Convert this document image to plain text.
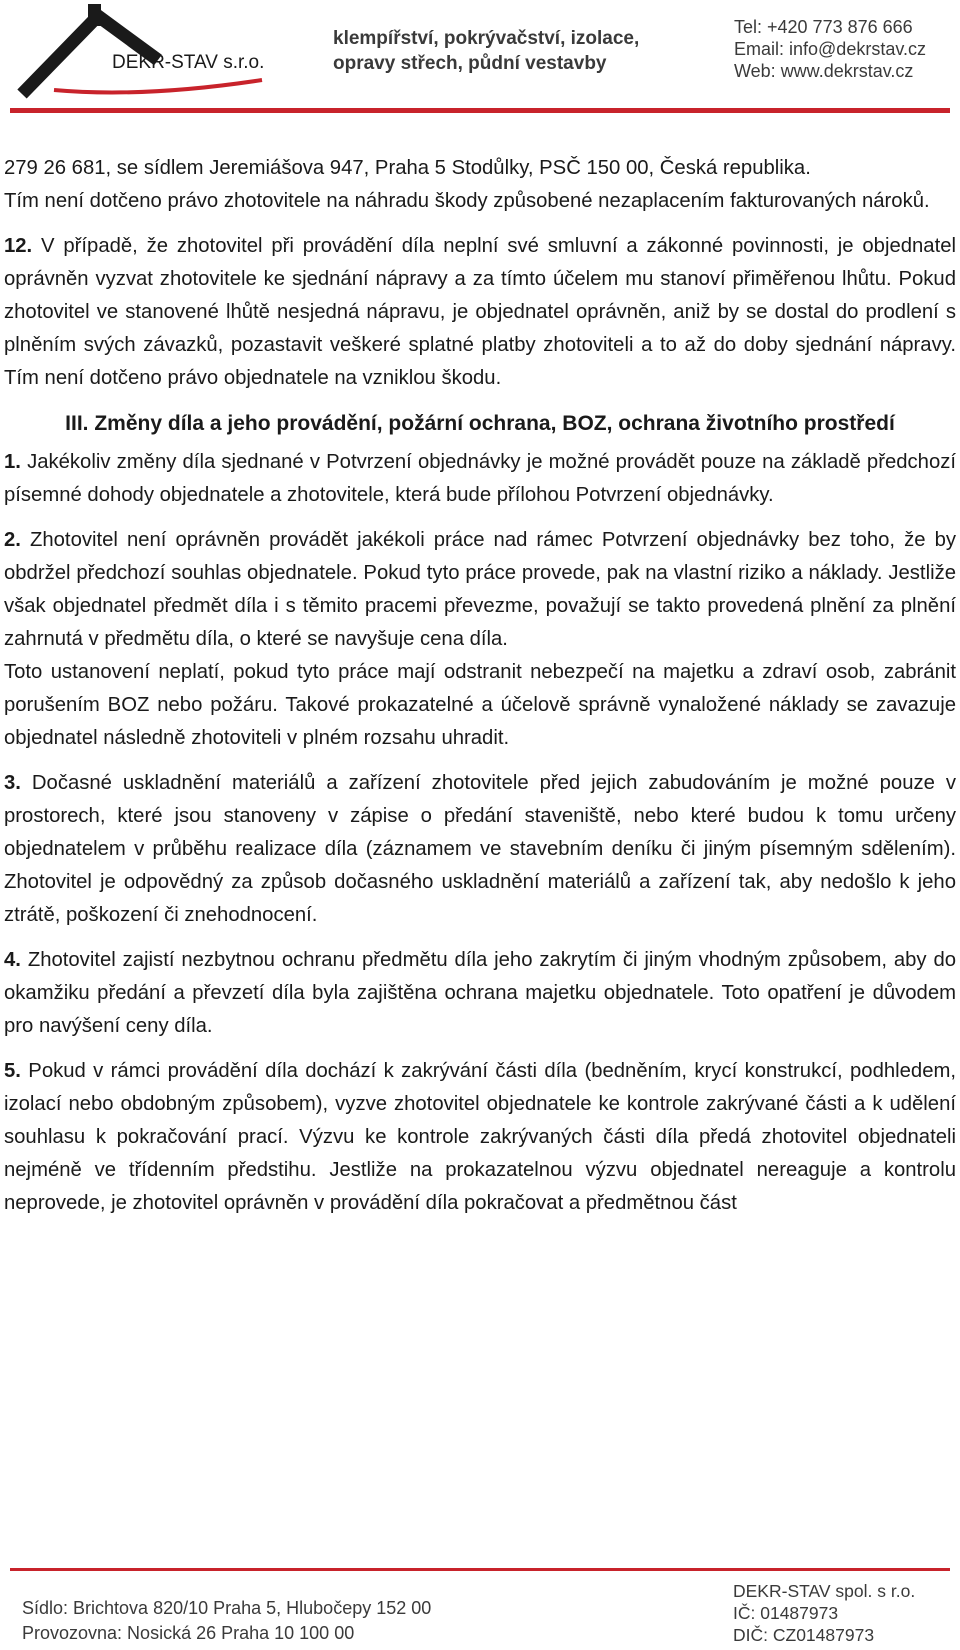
DEKR-STAV s.r.o.
klempířství, pokrývačství, izolace,
opravy střech, půdní vestavby
Tel: +420 773 876 666
Email: info@dekrstav.cz
Web: www.dekrstav.cz

279 26 681, se sídlem Jeremiášova 947, Praha 5 Stodůlky, PSČ 150 00, Česká republika.

Tím není dotčeno právo zhotovitele na náhradu škody způsobené nezaplacením fakturovaných nároků.

12. V případě, že zhotovitel při provádění díla neplní své smluvní a zákonné povinnosti, je objednatel oprávněn vyzvat zhotovitele ke sjednání nápravy a za tímto účelem mu stanoví přiměřenou lhůtu. Pokud zhotovitel ve stanovené lhůtě nesjedná nápravu, je objednatel oprávněn, aniž by se dostal do prodlení s plněním svých závazků, pozastavit veškeré splatné platby zhotoviteli a to až do doby sjednání nápravy. Tím není dotčeno právo objednatele na vzniklou škodu.

III. Změny díla a jeho provádění, požární ochrana, BOZ, ochrana životního prostředí

1. Jakékoliv změny díla sjednané v Potvrzení objednávky je možné provádět pouze na základě předchozí písemné dohody objednatele a zhotovitele, která bude přílohou Potvrzení objednávky.

2. Zhotovitel není oprávněn provádět jakékoli práce nad rámec Potvrzení objednávky bez toho, že by obdržel předchozí souhlas objednatele. Pokud tyto práce provede, pak na vlastní riziko a náklady. Jestliže však objednatel předmět díla i s těmito pracemi převezme, považují se takto provedená plnění za plnění zahrnutá v předmětu díla, o které se navyšuje cena díla.

Toto ustanovení neplatí, pokud tyto práce mají odstranit nebezpečí na majetku a zdraví osob, zabránit porušením BOZ nebo požáru. Takové prokazatelné a účelově správně vynaložené náklady se zavazuje objednatel následně zhotoviteli v plném rozsahu uhradit.

3. Dočasné uskladnění materiálů a zařízení zhotovitele před jejich zabudováním je možné pouze v prostorech, které jsou stanoveny v zápise o předání staveniště, nebo které budou k tomu určeny objednatelem v průběhu realizace díla (záznamem ve stavebním deníku či jiným písemným sdělením). Zhotovitel je odpovědný za způsob dočasného uskladnění materiálů a zařízení tak, aby nedošlo k jeho ztrátě, poškození či znehodnocení.

4. Zhotovitel zajistí nezbytnou ochranu předmětu díla jeho zakrytím či jiným vhodným způsobem, aby do okamžiku předání a převzetí díla byla zajištěna ochrana majetku objednatele. Toto opatření je důvodem pro navýšení ceny díla.

5. Pokud v rámci provádění díla dochází k zakrývání části díla (bedněním, krycí konstrukcí, podhledem, izolací nebo obdobným způsobem), vyzve zhotovitel objednatele ke kontrole zakrývané části a k udělení souhlasu k pokračování prací. Výzvu ke kontrole zakrývaných části díla předá zhotovitel objednateli nejméně ve třídenním předstihu. Jestliže na prokazatelnou výzvu objednatel nereaguje a kontrolu neprovede, je zhotovitel oprávněn v provádění díla pokračovat a předmětnou část

Sídlo: Brichtova 820/10 Praha 5, Hlubočepy 152 00
Provozovna: Nosická 26 Praha 10 100 00
DEKR-STAV spol. s r.o.
IČ: 01487973
DIČ: CZ01487973
